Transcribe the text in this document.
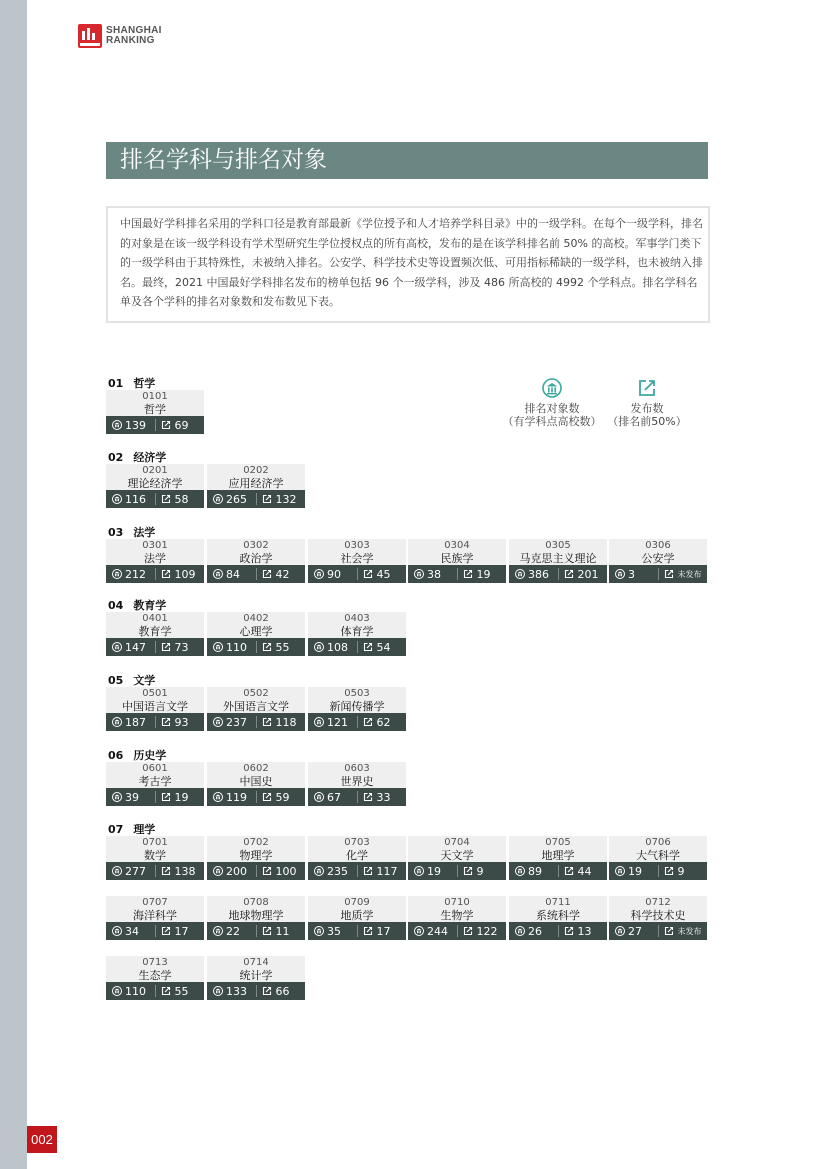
002
SHANGHAI
RANKING
排名学科与排名对象
中国最好学科排名采用的学科口径是教育部最新《学位授予和人才培养学科目录》中的一级学科。在每个一级学科，排名的对象是在该一级学科设有学术型研究生学位授权点的所有高校，发布的是在该学科排名前 50% 的高校。军事学门类下的一级学科由于其特殊性，未被纳入排名。公安学、科学技术史等设置频次低、可用指标稀缺的一级学科，也未被纳入排名。最终，2021 中国最好学科排名发布的榜单包括 96 个一级学科，涉及 486 所高校的 4992 个学科点。排名学科名单及各个学科的排名对象数和发布数见下表。
排名对象数
（有学科点高校数）
发布数
（排名前50%）
01 哲学
0101
哲学
139	69
02 经济学
0201
理论经济学
116	58
0202
应用经济学
265	132
03 法学
0301
法学
212	109
0302
政治学
84	42
0303
社会学
90	45
0304
民族学
38	19
0305
马克思主义理论
386	201
0306
公安学
3	未发布
04 教育学
0401
教育学
147	73
0402
心理学
110	55
0403
体育学
108	54
05 文学
0501
中国语言文学
187	93
0502
外国语言文学
237	118
0503
新闻传播学
121	62
06 历史学
0601
考古学
39	19
0602
中国史
119	59
0603
世界史
67	33
07 理学
0701
数学
277	138
0702
物理学
200	100
0703
化学
235	117
0704
天文学
19	9
0705
地理学
89	44
0706
大气科学
19	9
0707
海洋科学
34	17
0708
地球物理学
22	11
0709
地质学
35	17
0710
生物学
244	122
0711
系统科学
26	13
0712
科学技术史
27	未发布
0713
生态学
110	55
0714
统计学
133	66
